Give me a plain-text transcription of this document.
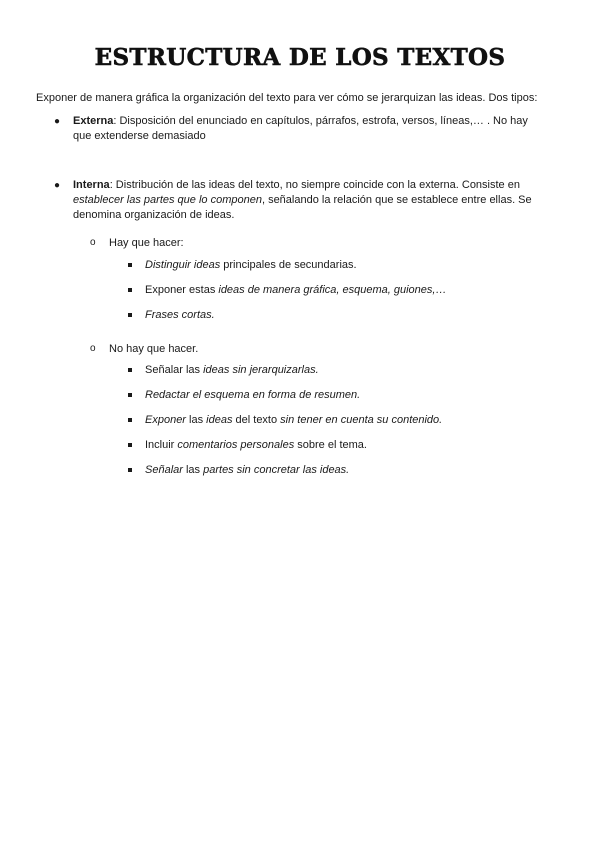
ESTRUCTURA DE LOS TEXTOS
Exponer de manera gráfica la organización del texto para ver cómo se jerarquizan las ideas. Dos tipos:
●	Externa: Disposición del enunciado en capítulos, párrafos, estrofa, versos, líneas,… . No hay que extenderse demasiado
●	Interna: Distribución de las ideas del texto, no siempre coincide con la externa. Consiste en establecer las partes que lo componen, señalando la relación que se establece entre ellas. Se denomina organización de ideas.
o Hay que hacer:
Distinguir ideas principales de secundarias.
Exponer estas ideas de manera gráfica, esquema, guiones,…
Frases cortas.
o No hay que hacer.
Señalar las ideas sin jerarquizarlas.
Redactar el esquema en forma de resumen.
Exponer las ideas del texto sin tener en cuenta su contenido.
Incluir comentarios personales sobre el tema.
Señalar las partes sin concretar las ideas.
